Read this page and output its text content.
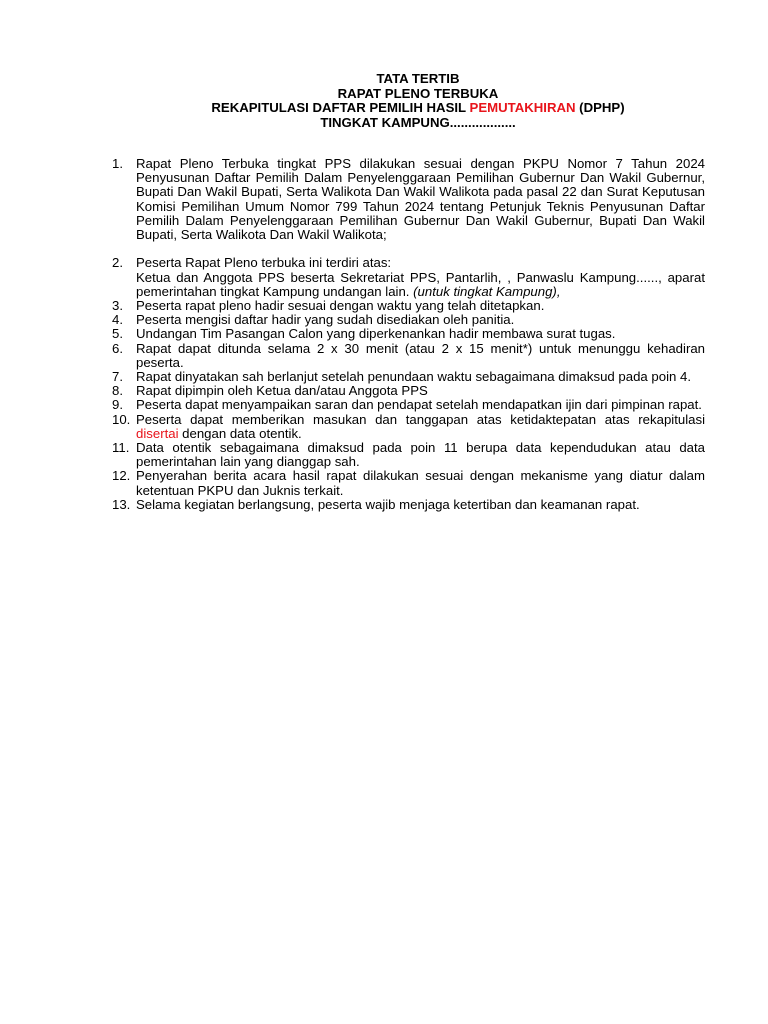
TATA TERTIB
RAPAT PLENO TERBUKA
REKAPITULASI DAFTAR PEMILIH HASIL PEMUTAKHIRAN (DPHP)
TINGKAT KAMPUNG..................
1. Rapat Pleno Terbuka tingkat PPS dilakukan sesuai dengan PKPU Nomor 7 Tahun 2024 Penyusunan Daftar Pemilih Dalam Penyelenggaraan Pemilihan Gubernur Dan Wakil Gubernur, Bupati Dan Wakil Bupati, Serta Walikota Dan Wakil Walikota pada pasal 22 dan Surat Keputusan Komisi Pemilihan Umum Nomor 799 Tahun 2024 tentang Petunjuk Teknis Penyusunan Daftar Pemilih Dalam Penyelenggaraan Pemilihan Gubernur Dan Wakil Gubernur, Bupati Dan Wakil Bupati, Serta Walikota Dan Wakil Walikota;

2. Peserta Rapat Pleno terbuka ini terdiri atas:

Ketua dan Anggota PPS beserta Sekretariat PPS, Pantarlih, , Panwaslu Kampung......, aparat pemerintahan tingkat Kampung undangan lain. (untuk tingkat Kampung),

3. Peserta rapat pleno hadir sesuai dengan waktu yang telah ditetapkan.

4. Peserta mengisi daftar hadir yang sudah disediakan oleh panitia.

5. Undangan Tim Pasangan Calon yang diperkenankan hadir membawa surat tugas.

6. Rapat dapat ditunda selama 2 x 30 menit (atau 2 x 15 menit*) untuk menunggu kehadiran peserta.

7. Rapat dinyatakan sah berlanjut setelah penundaan waktu sebagaimana dimaksud pada poin 4.

8. Rapat dipimpin oleh Ketua dan/atau Anggota PPS

9. Peserta dapat menyampaikan saran dan pendapat setelah mendapatkan ijin dari pimpinan rapat.

10. Peserta dapat memberikan masukan dan tanggapan atas ketidaktepatan atas rekapitulasi disertai dengan data otentik.

11. Data otentik sebagaimana dimaksud pada poin 11 berupa data kependudukan atau data pemerintahan lain yang dianggap sah.

12. Penyerahan berita acara hasil rapat dilakukan sesuai dengan mekanisme yang diatur dalam ketentuan PKPU dan Juknis terkait.

13. Selama kegiatan berlangsung, peserta wajib menjaga ketertiban dan keamanan rapat.
